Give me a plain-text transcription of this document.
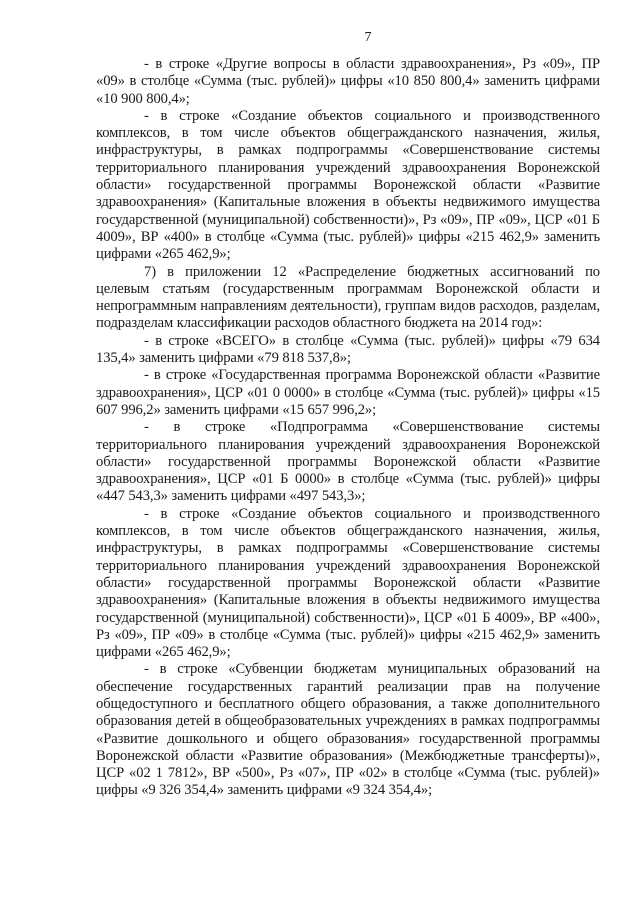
7

- в строке «Другие вопросы в области здравоохранения», Рз «09», ПР «09» в столбце «Сумма (тыс. рублей)» цифры «10 850 800,4» заменить цифрами «10 900 800,4»;

- в строке «Создание объектов социального и производственного комплексов, в том числе объектов общегражданского назначения, жилья, инфраструктуры, в рамках подпрограммы «Совершенствование системы территориального планирования учреждений здравоохранения Воронежской области» государственной программы Воронежской области «Развитие здравоохранения» (Капитальные вложения в объекты недвижимого имущества государственной (муниципальной) собственности)», Рз «09», ПР «09», ЦСР «01 Б 4009», ВР «400» в столбце «Сумма (тыс. рублей)» цифры «215 462,9» заменить цифрами «265 462,9»;

7) в приложении 12 «Распределение бюджетных ассигнований по целевым статьям (государственным программам Воронежской области и непрограммным направлениям деятельности), группам видов расходов, разделам, подразделам классификации расходов областного бюджета на 2014 год»:

- в строке «ВСЕГО» в столбце «Сумма (тыс. рублей)» цифры «79 634 135,4» заменить цифрами «79 818 537,8»;

- в строке «Государственная программа Воронежской области «Развитие здравоохранения», ЦСР «01 0 0000» в столбце «Сумма (тыс. рублей)» цифры «15 607 996,2» заменить цифрами «15 657 996,2»;

- в строке «Подпрограмма «Совершенствование системы территориального планирования учреждений здравоохранения Воронежской области» государственной программы Воронежской области «Развитие здравоохранения», ЦСР «01 Б 0000» в столбце «Сумма (тыс. рублей)» цифры «447 543,3» заменить цифрами «497 543,3»;

- в строке «Создание объектов социального и производственного комплексов, в том числе объектов общегражданского назначения, жилья, инфраструктуры, в рамках подпрограммы «Совершенствование системы территориального планирования учреждений здравоохранения Воронежской области» государственной программы Воронежской области «Развитие здравоохранения» (Капитальные вложения в объекты недвижимого имущества государственной (муниципальной) собственности)», ЦСР «01 Б 4009», ВР «400», Рз «09», ПР «09» в столбце «Сумма (тыс. рублей)» цифры «215 462,9» заменить цифрами «265 462,9»;

- в строке «Субвенции бюджетам муниципальных образований на обеспечение государственных гарантий реализации прав на получение общедоступного и бесплатного общего образования, а также дополнительного образования детей в общеобразовательных учреждениях в рамках подпрограммы «Развитие дошкольного и общего образования» государственной программы Воронежской области «Развитие образования» (Межбюджетные трансферты)», ЦСР «02 1 7812», ВР «500», Рз «07», ПР «02» в столбце «Сумма (тыс. рублей)» цифры «9 326 354,4» заменить цифрами «9 324 354,4»;
